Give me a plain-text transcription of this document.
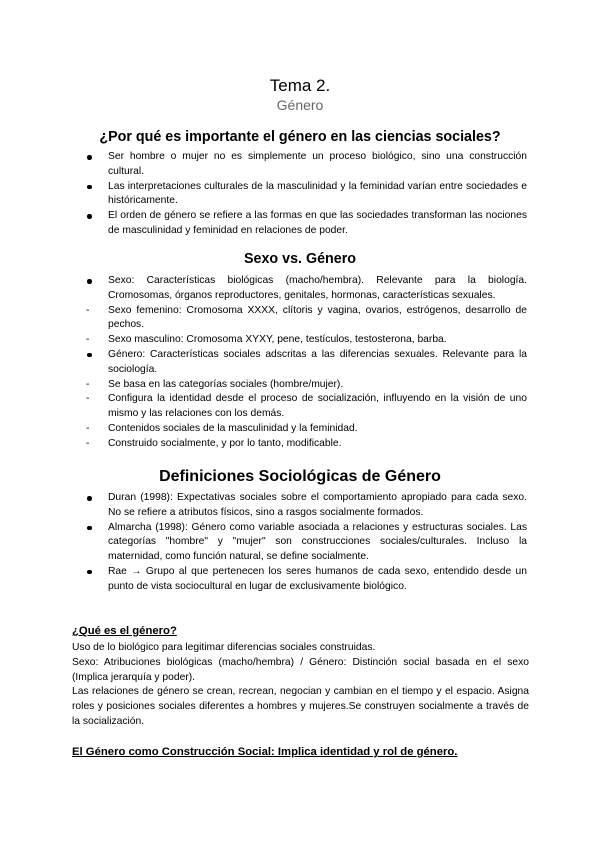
Tema 2.
Género
¿Por qué es importante el género en las ciencias sociales?
Ser hombre o mujer no es simplemente un proceso biológico, sino una construcción cultural.
Las interpretaciones culturales de la masculinidad y la feminidad varían entre sociedades e históricamente.
El orden de género se refiere a las formas en que las sociedades transforman las nociones de masculinidad y feminidad en relaciones de poder.
Sexo vs. Género
Sexo: Características biológicas (macho/hembra). Relevante para la biología. Cromosomas, órganos reproductores, genitales, hormonas, características sexuales.
Sexo femenino: Cromosoma XXXX, clítoris y vagina, ovarios, estrógenos, desarrollo de pechos.
Sexo masculino: Cromosoma XYXY, pene, testículos, testosterona, barba.
Género: Características sociales adscritas a las diferencias sexuales. Relevante para la sociología.
Se basa en las categorías sociales (hombre/mujer).
Configura la identidad desde el proceso de socialización, influyendo en la visión de uno mismo y las relaciones con los demás.
Contenidos sociales de la masculinidad y la feminidad.
Construido socialmente, y por lo tanto, modificable.
Definiciones Sociológicas de Género
Duran (1998): Expectativas sociales sobre el comportamiento apropiado para cada sexo. No se refiere a atributos físicos, sino a rasgos socialmente formados.
Almarcha (1998): Género como variable asociada a relaciones y estructuras sociales. Las categorías "hombre" y "mujer" son construcciones sociales/culturales. Incluso la maternidad, como función natural, se define socialmente.
Rae → Grupo al que pertenecen los seres humanos de cada sexo, entendido desde un punto de vista sociocultural en lugar de exclusivamente biológico.
¿Qué es el género?

Uso de lo biológico para legitimar diferencias sociales construidas.

Sexo: Atribuciones biológicas (macho/hembra) / Género: Distinción social basada en el sexo (Implica jerarquía y poder).

Las relaciones de género se crean, recrean, negocian y cambian en el tiempo y el espacio. Asigna roles y posiciones sociales diferentes a hombres y mujeres.Se construyen socialmente a través de la socialización.

El Género como Construcción Social: Implica identidad y rol de género.
